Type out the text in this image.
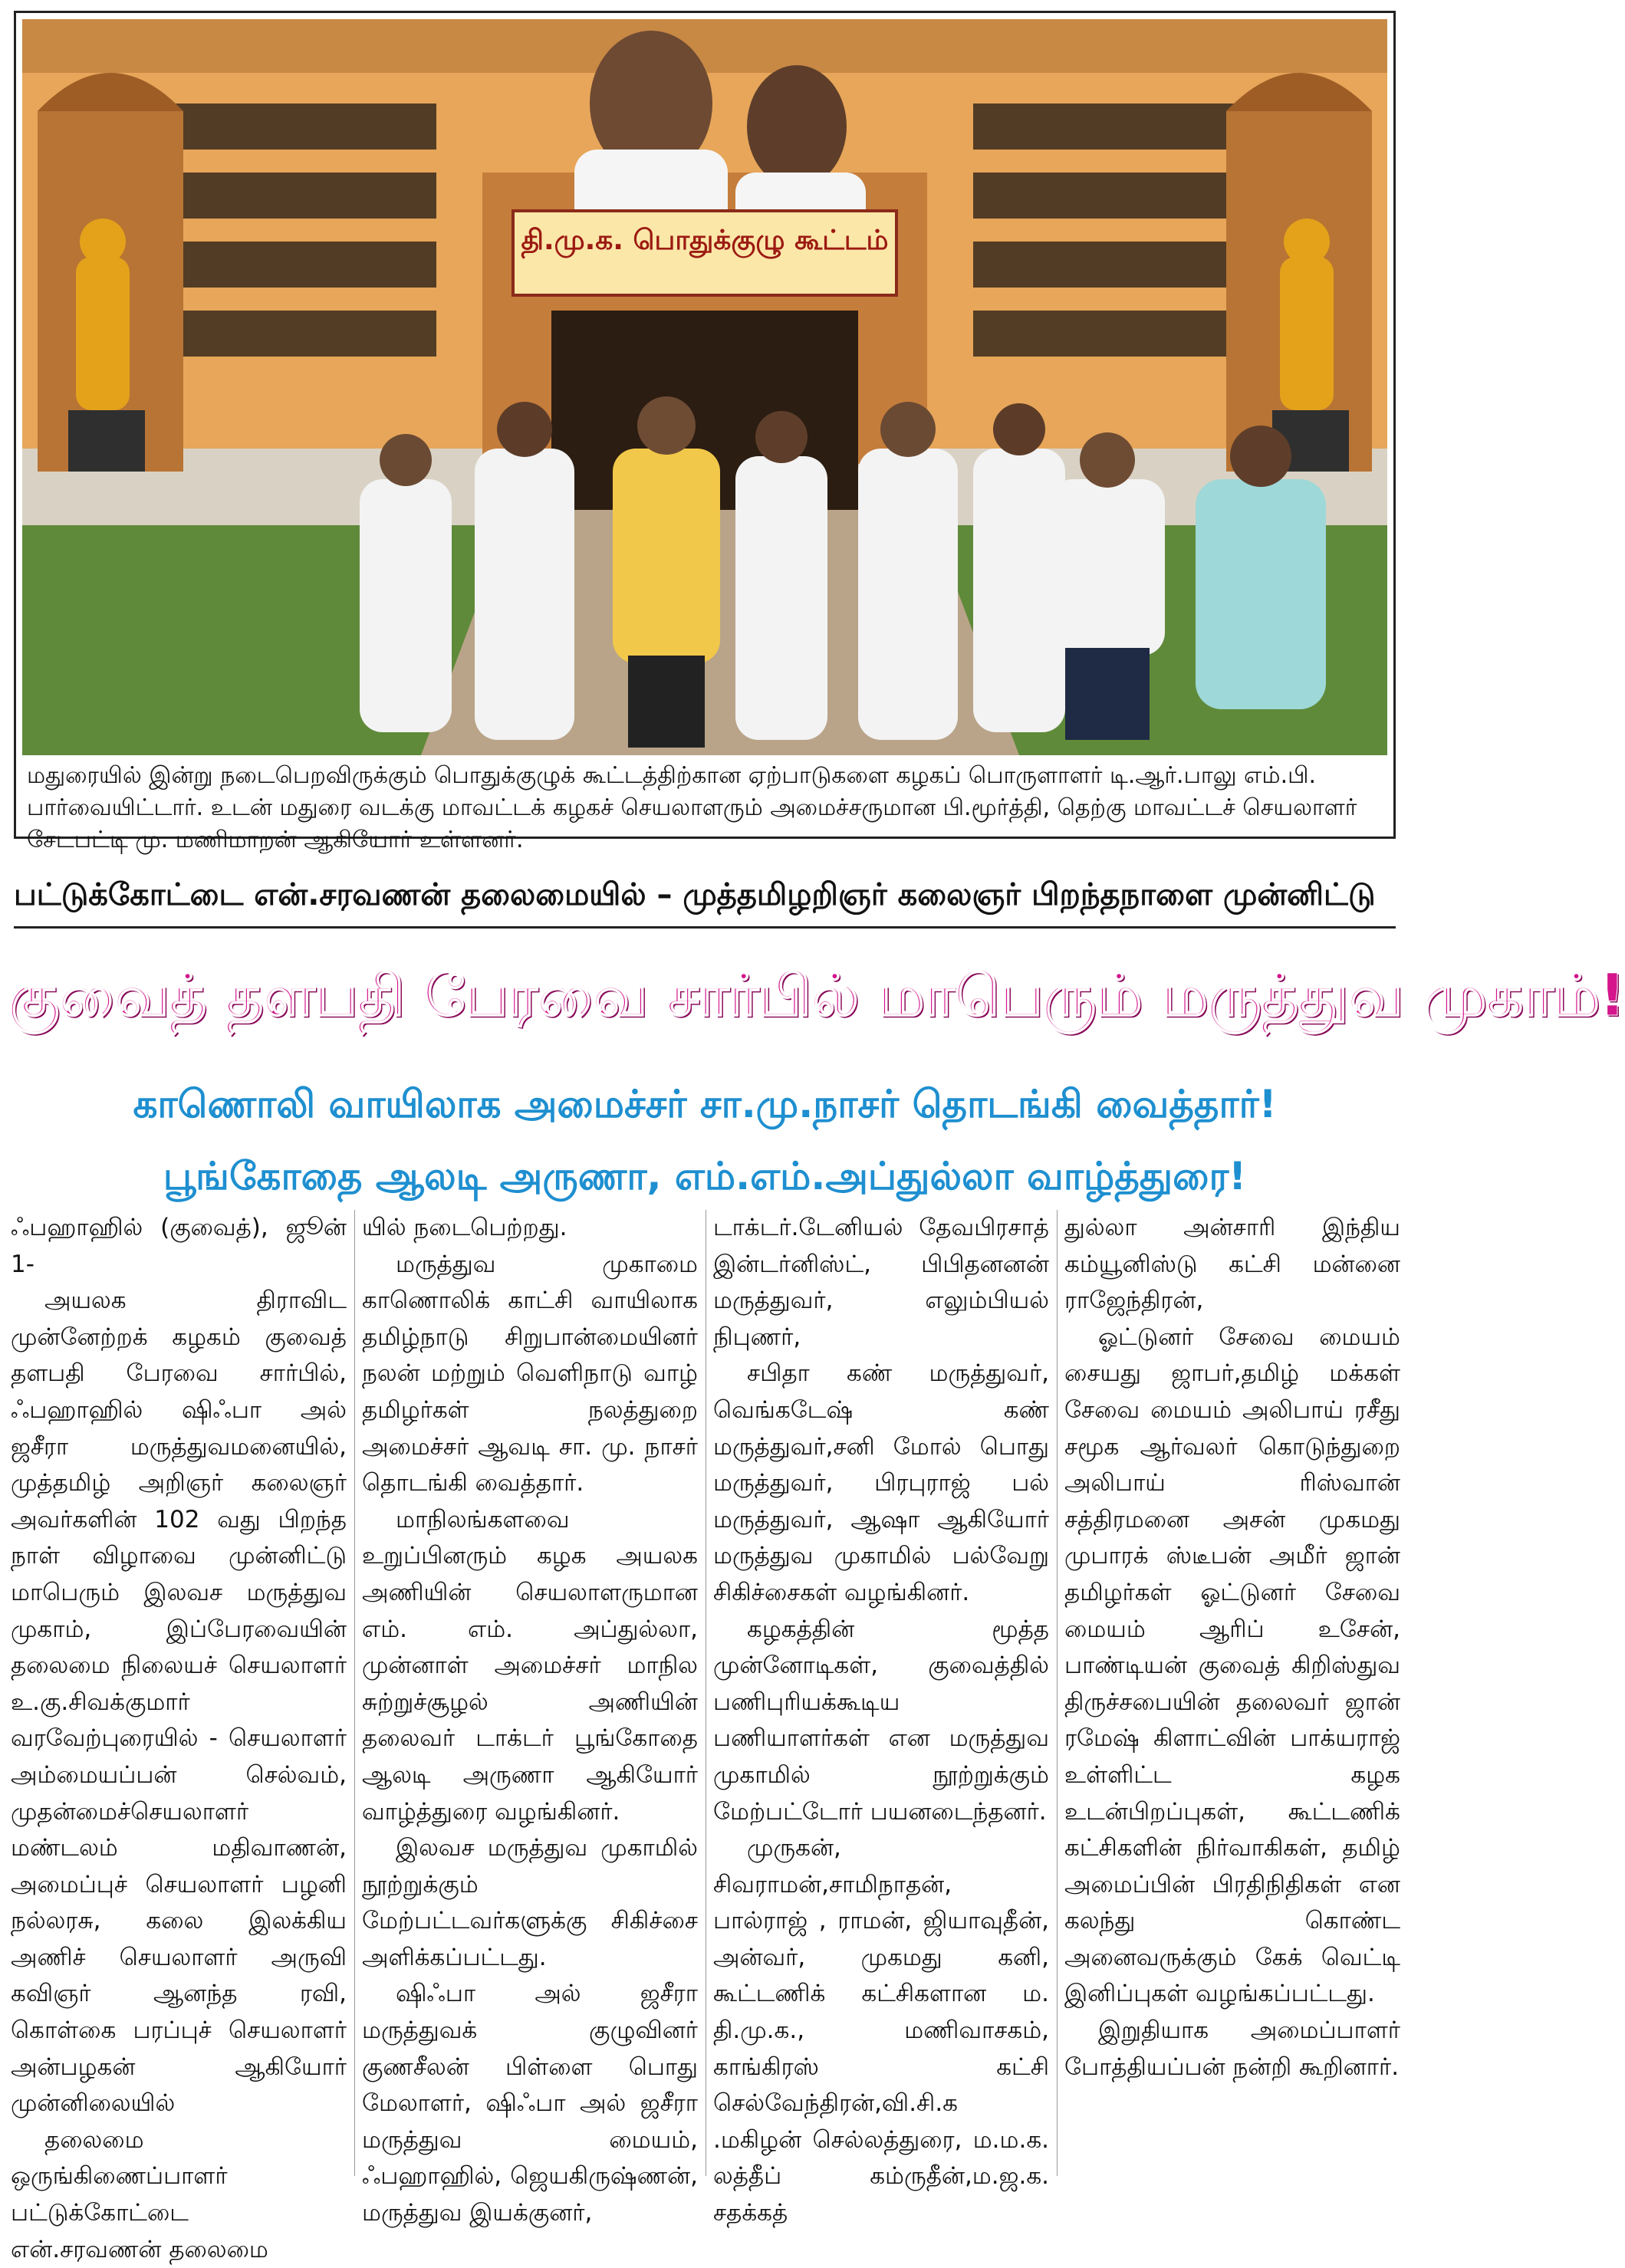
தி.மு.க. பொதுக்குழு கூட்டம்
மதுரையில் இன்று நடைபெறவிருக்கும் பொதுக்குழுக் கூட்டத்திற்கான ஏற்பாடுகளை கழகப் பொருளாளர் டி.ஆர்.பாலு எம்.பி. பார்வையிட்டார். உடன் மதுரை வடக்கு மாவட்டக் கழகச் செயலாளரும் அமைச்சருமான பி.மூர்த்தி, தெற்கு மாவட்டச் செயலாளர் சேடபட்டி மு. மணிமாறன் ஆகியோர் உள்ளனர்.
பட்டுக்கோட்டை என்.சரவணன் தலைமையில் – முத்தமிழறிஞர் கலைஞர் பிறந்தநாளை முன்னிட்டு
குவைத் தளபதி பேரவை சார்பில் மாபெரும் மருத்துவ முகாம்!
காணொலி வாயிலாக அமைச்சர் சா.மு.நாசர் தொடங்கி வைத்தார்!
பூங்கோதை ஆலடி அருணா, எம்.எம்.அப்துல்லா வாழ்த்துரை!

ஃபஹாஹில் (குவைத்), ஜூன் 1-

அயலக திராவிட முன்னேற்றக் கழகம் குவைத் தளபதி பேரவை சார்பில், ஃபஹாஹில் ஷிஃபா அல் ஜசீரா மருத்துவமனையில், முத்தமிழ் அறிஞர் கலைஞர் அவர்களின் 102 வது பிறந்த நாள் விழாவை முன்னிட்டு மாபெரும் இலவச மருத்துவ முகாம், இப்பேரவையின் தலைமை நிலையச் செயலாளர் உ.கு.சிவக்குமார் வரவேற்புரையில் - செயலாளர் அம்மையப்பன் செல்வம், முதன்மைச்செயலாளர் மண்டலம் மதிவாணன், அமைப்புச் செயலாளர் பழனி நல்லரசு, கலை இலக்கிய அணிச் செயலாளர் அருவி கவிஞர் ஆனந்த ரவி, கொள்கை பரப்புச் செயலாளர் அன்பழகன் ஆகியோர் முன்னிலையில்

தலைமை ஒருங்கிணைப்பாளர் பட்டுக்கோட்டை என்.சரவணன் தலைமை

யில் நடைபெற்றது.

மருத்துவ முகாமை காணொலிக் காட்சி வாயிலாக தமிழ்நாடு சிறுபான்மையினர் நலன் மற்றும் வெளிநாடு வாழ் தமிழர்கள் நலத்துறை அமைச்சர் ஆவடி சா. மு. நாசர் தொடங்கி வைத்தார்.

மாநிலங்களவை உறுப்பினரும் கழக அயலக அணியின் செயலாளருமான எம். எம். அப்துல்லா, முன்னாள் அமைச்சர் மாநில சுற்றுச்சூழல் அணியின் தலைவர் டாக்டர் பூங்கோதை ஆலடி அருணா ஆகியோர் வாழ்த்துரை வழங்கினர்.

இலவச மருத்துவ முகாமில் நூற்றுக்கும் மேற்பட்டவர்களுக்கு சிகிச்சை அளிக்கப்பட்டது.

ஷிஃபா அல் ஜசீரா மருத்துவக் குழுவினர் குணசீலன் பிள்ளை பொது மேலாளர், ஷிஃபா அல் ஜசீரா மருத்துவ மையம், ஃபஹாஹில், ஜெயகிருஷ்ணன், மருத்துவ இயக்குனர்,

டாக்டர்.டேனியல் தேவபிரசாத் இன்டர்னிஸ்ட், பிபிதனனன் மருத்துவர், எலும்பியல் நிபுணர்,

சபிதா கண் மருத்துவர், வெங்கடேஷ் கண் மருத்துவர்,சனி மோல் பொது மருத்துவர், பிரபுராஜ் பல் மருத்துவர், ஆஷா ஆகியோர் மருத்துவ முகாமில் பல்வேறு சிகிச்சைகள் வழங்கினர்.

கழகத்தின் மூத்த முன்னோடிகள், குவைத்தில் பணிபுரியக்கூடிய பணியாளர்கள் என மருத்துவ முகாமில் நூற்றுக்கும் மேற்பட்டோர் பயனடைந்தனர்.

முருகன், சிவராமன்,சாமிநாதன், பால்ராஜ் , ராமன், ஜியாவுதீன், அன்வர், முகமது கனி, கூட்டணிக் கட்சிகளான ம. தி.மு.க., மணிவாசகம், காங்கிரஸ் கட்சி செல்வேந்திரன்,வி.சி.க .மகிழன் செல்லத்துரை, ம.ம.க. லத்தீப் கம்ருதீன்,ம.ஜ.க. சதக்கத்

துல்லா அன்சாரி இந்திய கம்யூனிஸ்டு கட்சி மன்னை ராஜேந்திரன்,

ஓட்டுனர் சேவை மையம் சையது ஜாபர்,தமிழ் மக்கள் சேவை மையம் அலிபாய் ரசீது சமூக ஆர்வலர் கொடுந்துறை அலிபாய் ரிஸ்வான் சத்திரமனை அசன் முகமது முபாரக் ஸ்டீபன் அமீர் ஜான் தமிழர்கள் ஓட்டுனர் சேவை மையம் ஆரிப் உசேன், பாண்டியன் குவைத் கிறிஸ்துவ திருச்சபையின் தலைவர் ஜான் ரமேஷ் கிளாட்வின் பாக்யராஜ் உள்ளிட்ட கழக உடன்பிறப்புகள், கூட்டணிக் கட்சிகளின் நிர்வாகிகள், தமிழ் அமைப்பின் பிரதிநிதிகள் என கலந்து கொண்ட அனைவருக்கும் கேக் வெட்டி இனிப்புகள் வழங்கப்பட்டது.

இறுதியாக அமைப்பாளர் போத்தியப்பன் நன்றி கூறினார்.
